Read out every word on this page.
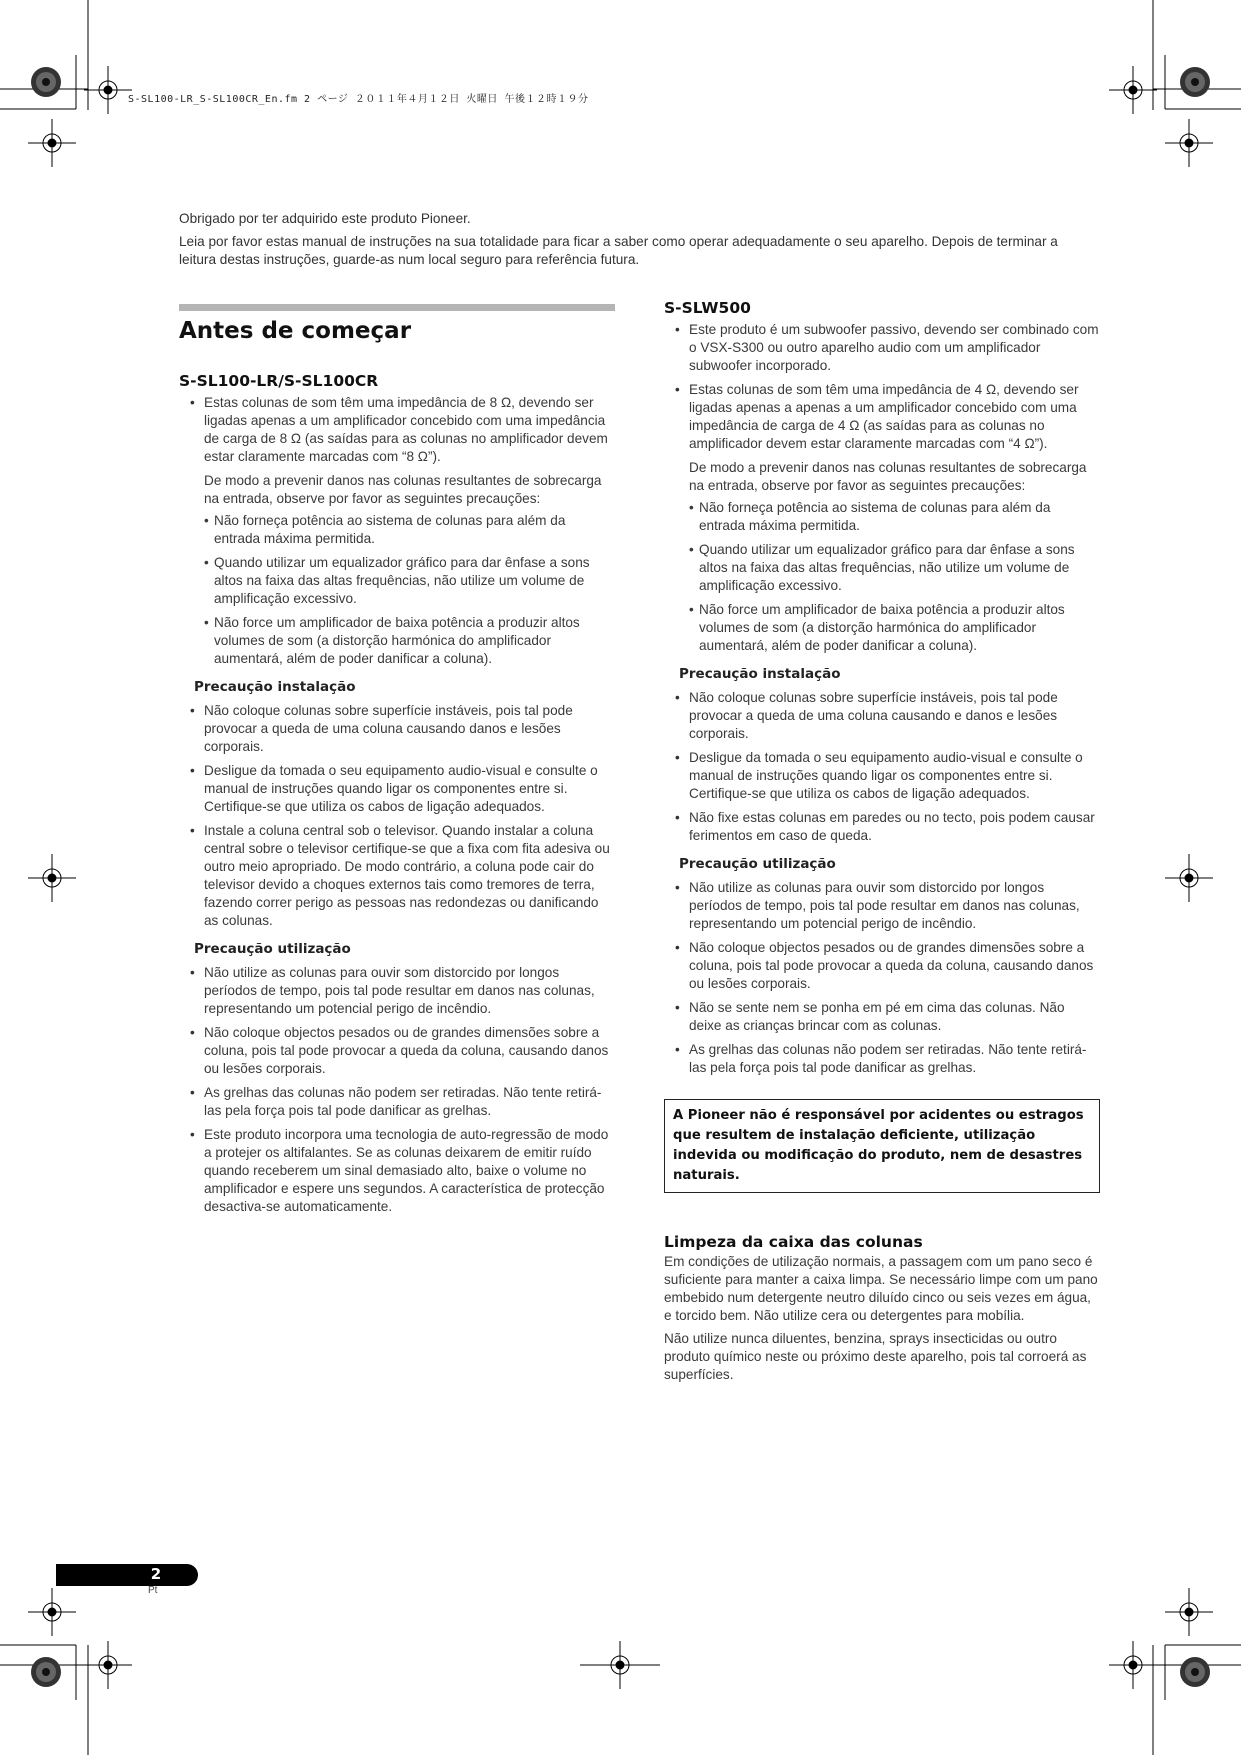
S-SL100-LR_S-SL100CR_En.fm 2 ページ ２０１１年４月１２日 火曜日 午後１２時１９分

Obrigado por ter adquirido este produto Pioneer.

Leia por favor estas manual de instruções na sua totalidade para ficar a saber como operar adequadamente o seu aparelho. Depois de terminar a leitura destas instruções, guarde-as num local seguro para referência futura.

Antes de começar
S-SL100-LR/S-SL100CR
• Estas colunas de som têm uma impedância de 8 Ω, devendo ser ligadas apenas a um amplificador concebido com uma impedância de carga de 8 Ω (as saídas para as colunas no amplificador devem estar claramente marcadas com “8 Ω”).

De modo a prevenir danos nas colunas resultantes de sobrecarga na entrada, observe por favor as seguintes precauções:

• Não forneça potência ao sistema de colunas para além da entrada máxima permitida.
• Quando utilizar um equalizador gráfico para dar ênfase a sons altos na faixa das altas frequências, não utilize um volume de amplificação excessivo.
• Não force um amplificador de baixa potência a produzir altos volumes de som (a distorção harmónica do amplificador aumentará, além de poder danificar a coluna).
Precaução instalação
• Não coloque colunas sobre superfície instáveis, pois tal pode provocar a queda de uma coluna causando danos e lesões corporais.
• Desligue da tomada o seu equipamento audio-visual e consulte o manual de instruções quando ligar os componentes entre si. Certifique-se que utiliza os cabos de ligação adequados.
• Instale a coluna central sob o televisor. Quando instalar a coluna central sobre o televisor certifique-se que a fixa com fita adesiva ou outro meio apropriado. De modo contrário, a coluna pode cair do televisor devido a choques externos tais como tremores de terra, fazendo correr perigo as pessoas nas redondezas ou danificando as colunas.
Precaução utilização
• Não utilize as colunas para ouvir som distorcido por longos períodos de tempo, pois tal pode resultar em danos nas colunas, representando um potencial perigo de incêndio.
• Não coloque objectos pesados ou de grandes dimensões sobre a coluna, pois tal pode provocar a queda da coluna, causando danos ou lesões corporais.
• As grelhas das colunas não podem ser retiradas. Não tente retirá-las pela força pois tal pode danificar as grelhas.
• Este produto incorpora uma tecnologia de auto-regressão de modo a protejer os altifalantes. Se as colunas deixarem de emitir ruído quando receberem um sinal demasiado alto, baixe o volume no amplificador e espere uns segundos. A característica de protecção desactiva-se automaticamente.
S-SLW500
• Este produto é um subwoofer passivo, devendo ser combinado com o VSX-S300 ou outro aparelho audio com um amplificador subwoofer incorporado.
• Estas colunas de som têm uma impedância de 4 Ω, devendo ser ligadas apenas a apenas a um amplificador concebido com uma impedância de carga de 4 Ω (as saídas para as colunas no amplificador devem estar claramente marcadas com “4 Ω”).

De modo a prevenir danos nas colunas resultantes de sobrecarga na entrada, observe por favor as seguintes precauções:

• Não forneça potência ao sistema de colunas para além da entrada máxima permitida.
• Quando utilizar um equalizador gráfico para dar ênfase a sons altos na faixa das altas frequências, não utilize um volume de amplificação excessivo.
• Não force um amplificador de baixa potência a produzir altos volumes de som (a distorção harmónica do amplificador aumentará, além de poder danificar a coluna).
Precaução instalação
• Não coloque colunas sobre superfície instáveis, pois tal pode provocar a queda de uma coluna causando e danos e lesões corporais.
• Desligue da tomada o seu equipamento audio-visual e consulte o manual de instruções quando ligar os componentes entre si. Certifique-se que utiliza os cabos de ligação adequados.
• Não fixe estas colunas em paredes ou no tecto, pois podem causar ferimentos em caso de queda.
Precaução utilização
• Não utilize as colunas para ouvir som distorcido por longos períodos de tempo, pois tal pode resultar em danos nas colunas, representando um potencial perigo de incêndio.
• Não coloque objectos pesados ou de grandes dimensões sobre a coluna, pois tal pode provocar a queda da coluna, causando danos ou lesões corporais.
• Não se sente nem se ponha em pé em cima das colunas. Não deixe as crianças brincar com as colunas.
• As grelhas das colunas não podem ser retiradas. Não tente retirá-las pela força pois tal pode danificar as grelhas.
A Pioneer não é responsável por acidentes ou estragos que resultem de instalação deficiente, utilização indevida ou modificação do produto, nem de desastres naturais.
Limpeza da caixa das colunas

Em condições de utilização normais, a passagem com um pano seco é suficiente para manter a caixa limpa. Se necessário limpe com um pano embebido num detergente neutro diluído cinco ou seis vezes em água, e torcido bem. Não utilize cera ou detergentes para mobília.

Não utilize nunca diluentes, benzina, sprays insecticidas ou outro produto químico neste ou próximo deste aparelho, pois tal corroerá as superfícies.

2
Pt
